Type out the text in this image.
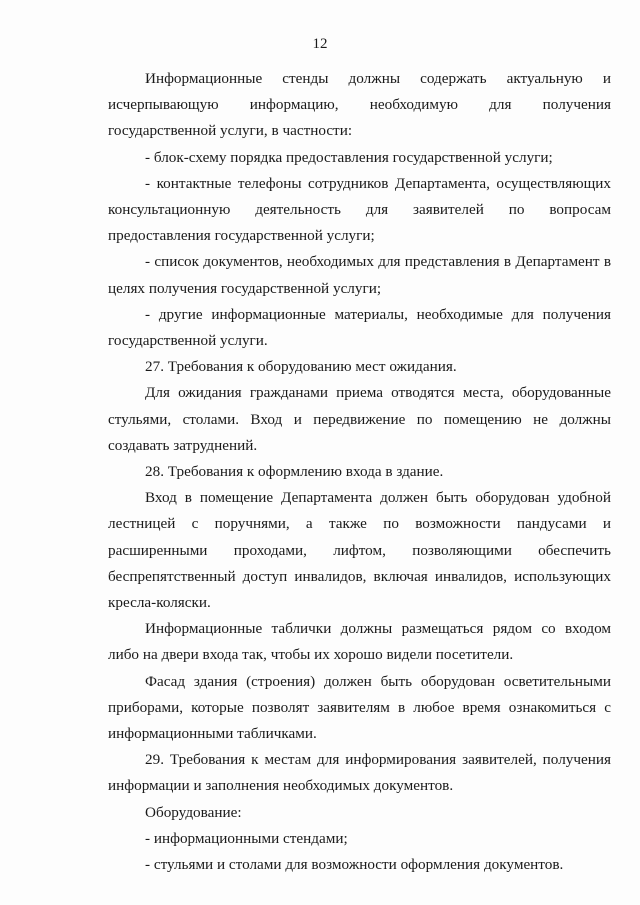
12

Информационные стенды должны содержать актуальную и исчерпывающую информацию, необходимую для получения государственной услуги, в частности:

- блок-схему порядка предоставления государственной услуги;

- контактные телефоны сотрудников Департамента, осуществляющих консультационную деятельность для заявителей по вопросам предоставления государственной услуги;

- список документов, необходимых для представления в Департамент в целях получения государственной услуги;

- другие информационные материалы, необходимые для получения государственной услуги.

27. Требования к оборудованию мест ожидания.

Для ожидания гражданами приема отводятся места, оборудованные стульями, столами. Вход и передвижение по помещению не должны создавать затруднений.

28. Требования к оформлению входа в здание.

Вход в помещение Департамента должен быть оборудован удобной лестницей с поручнями, а также по возможности пандусами и расширенными проходами, лифтом, позволяющими обеспечить беспрепятственный доступ инвалидов, включая инвалидов, использующих кресла-коляски.

Информационные таблички должны размещаться рядом со входом либо на двери входа так, чтобы их хорошо видели посетители.

Фасад здания (строения) должен быть оборудован осветительными приборами, которые позволят заявителям в любое время ознакомиться с информационными табличками.

29. Требования к местам для информирования заявителей, получения информации и заполнения необходимых документов.

Оборудование:

- информационными стендами;

- стульями и столами для возможности оформления документов.
